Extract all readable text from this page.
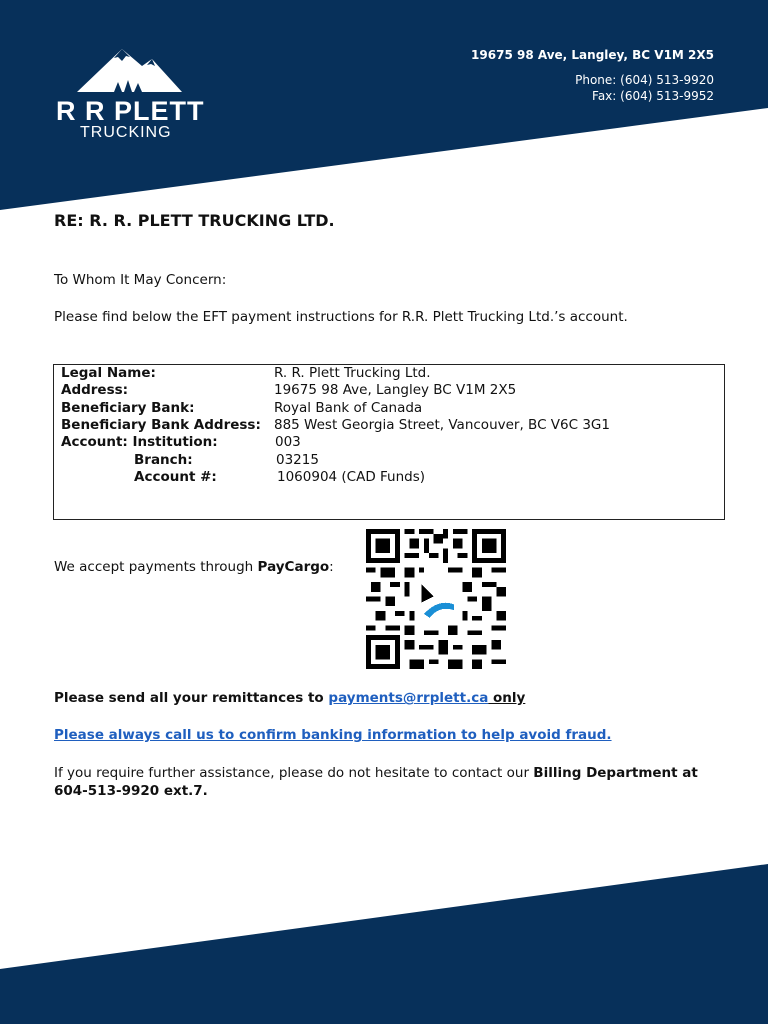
R R PLETT
TRUCKING
19675 98 Ave, Langley, BC V1M 2X5
Phone: (604) 513-9920
Fax: (604) 513-9952
RE: R. R. PLETT TRUCKING LTD.
To Whom It May Concern:
Please find below the EFT payment instructions for R.R. Plett Trucking Ltd.’s account.
Legal Name:	R. R. Plett Trucking Ltd.
Address:	19675 98 Ave, Langley BC V1M 2X5
Beneficiary Bank:	Royal Bank of Canada
Beneficiary Bank Address: 885 West Georgia Street, Vancouver, BC V6C 3G1
Account: Institution:	003
Branch:	03215
Account #:	1060904 (CAD Funds)
We accept payments through PayCargo:
Please send all your remittances to payments@rrplett.ca only
Please always call us to confirm banking information to help avoid fraud.
If you require further assistance, please do not hesitate to contact our Billing Department at
604-513-9920 ext.7.
